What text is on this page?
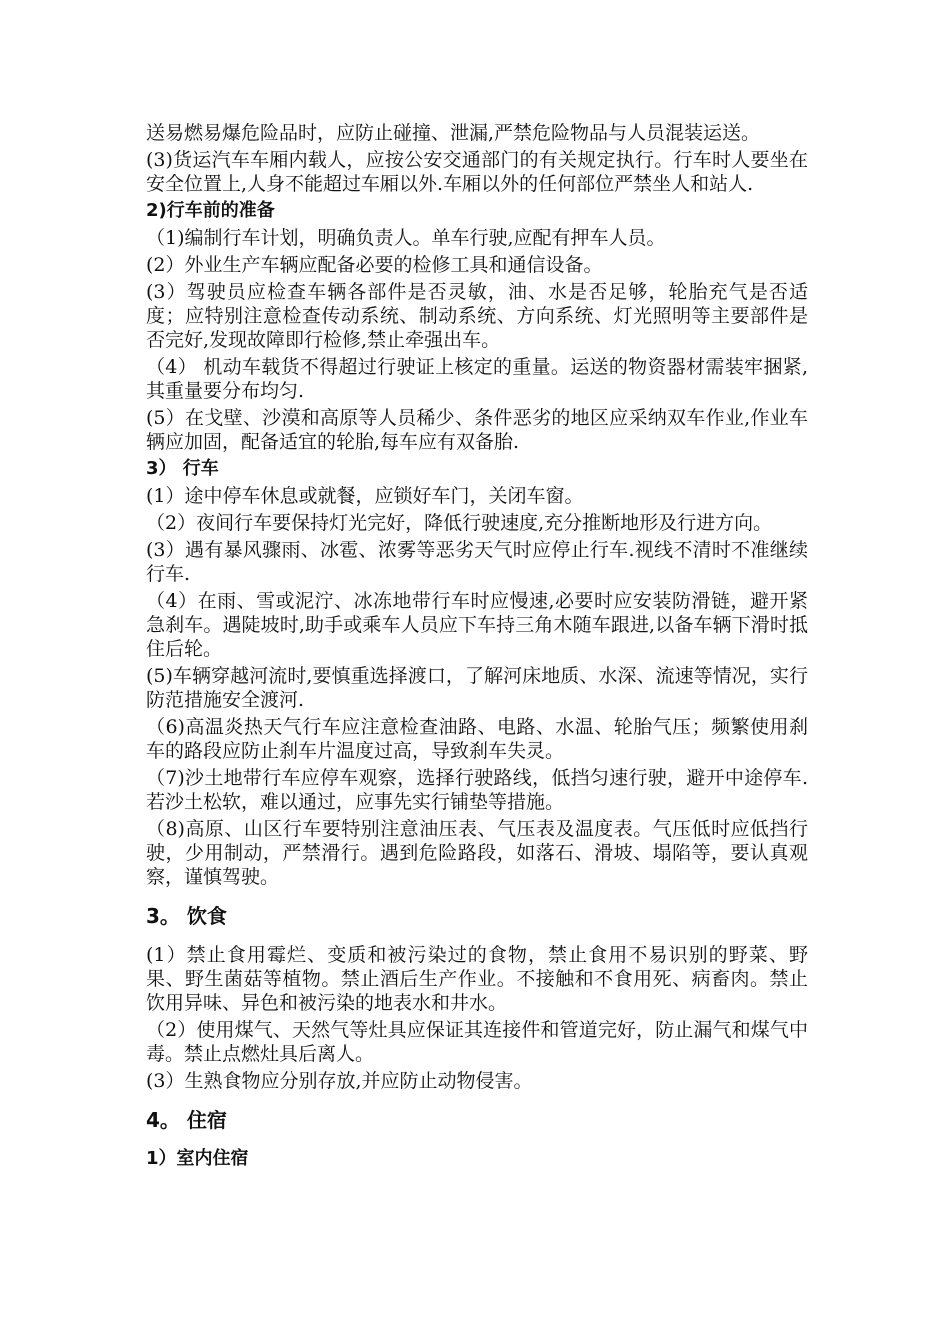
送易燃易爆危险品时，应防止碰撞、泄漏,严禁危险物品与人员混装运送。

(3)货运汽车车厢内载人，应按公安交通部门的有关规定执行。行车时人要坐在安全位置上,人身不能超过车厢以外.车厢以外的任何部位严禁坐人和站人.

2)行车前的准备

（1)编制行车计划，明确负责人。单车行驶,应配有押车人员。

(2）外业生产车辆应配备必要的检修工具和通信设备。

(3）驾驶员应检查车辆各部件是否灵敏，油、水是否足够，轮胎充气是否适度；应特别注意检查传动系统、制动系统、方向系统、灯光照明等主要部件是否完好,发现故障即行检修,禁止牵强出车。

（4） 机动车载货不得超过行驶证上核定的重量。运送的物资器材需装牢捆紧,其重量要分布均匀.

(5）在戈壁、沙漠和高原等人员稀少、条件恶劣的地区应采纳双车作业,作业车辆应加固，配备适宜的轮胎,每车应有双备胎.

3） 行车

(1）途中停车休息或就餐，应锁好车门，关闭车窗。

（2）夜间行车要保持灯光完好，降低行驶速度,充分推断地形及行进方向。

(3）遇有暴风骤雨、冰雹、浓雾等恶劣天气时应停止行车.视线不清时不准继续行车.

（4）在雨、雪或泥泞、冰冻地带行车时应慢速,必要时应安装防滑链，避开紧急刹车。遇陡坡时,助手或乘车人员应下车持三角木随车跟进,以备车辆下滑时抵住后轮。

(5)车辆穿越河流时,要慎重选择渡口，了解河床地质、水深、流速等情况，实行防范措施安全渡河.

（6)高温炎热天气行车应注意检查油路、电路、水温、轮胎气压；频繁使用刹车的路段应防止刹车片温度过高，导致刹车失灵。

（7)沙土地带行车应停车观察，选择行驶路线，低挡匀速行驶，避开中途停车.若沙土松软，难以通过，应事先实行铺垫等措施。

（8)高原、山区行车要特别注意油压表、气压表及温度表。气压低时应低挡行驶，少用制动，严禁滑行。遇到危险路段，如落石、滑坡、塌陷等，要认真观察，谨慎驾驶。

3。 饮食

(1）禁止食用霉烂、变质和被污染过的食物，禁止食用不易识别的野菜、野果、野生菌菇等植物。禁止酒后生产作业。不接触和不食用死、病畜肉。禁止饮用异味、异色和被污染的地表水和井水。

（2）使用煤气、天然气等灶具应保证其连接件和管道完好，防止漏气和煤气中毒。禁止点燃灶具后离人。

(3）生熟食物应分别存放,并应防止动物侵害。

4。 住宿

1）室内住宿
